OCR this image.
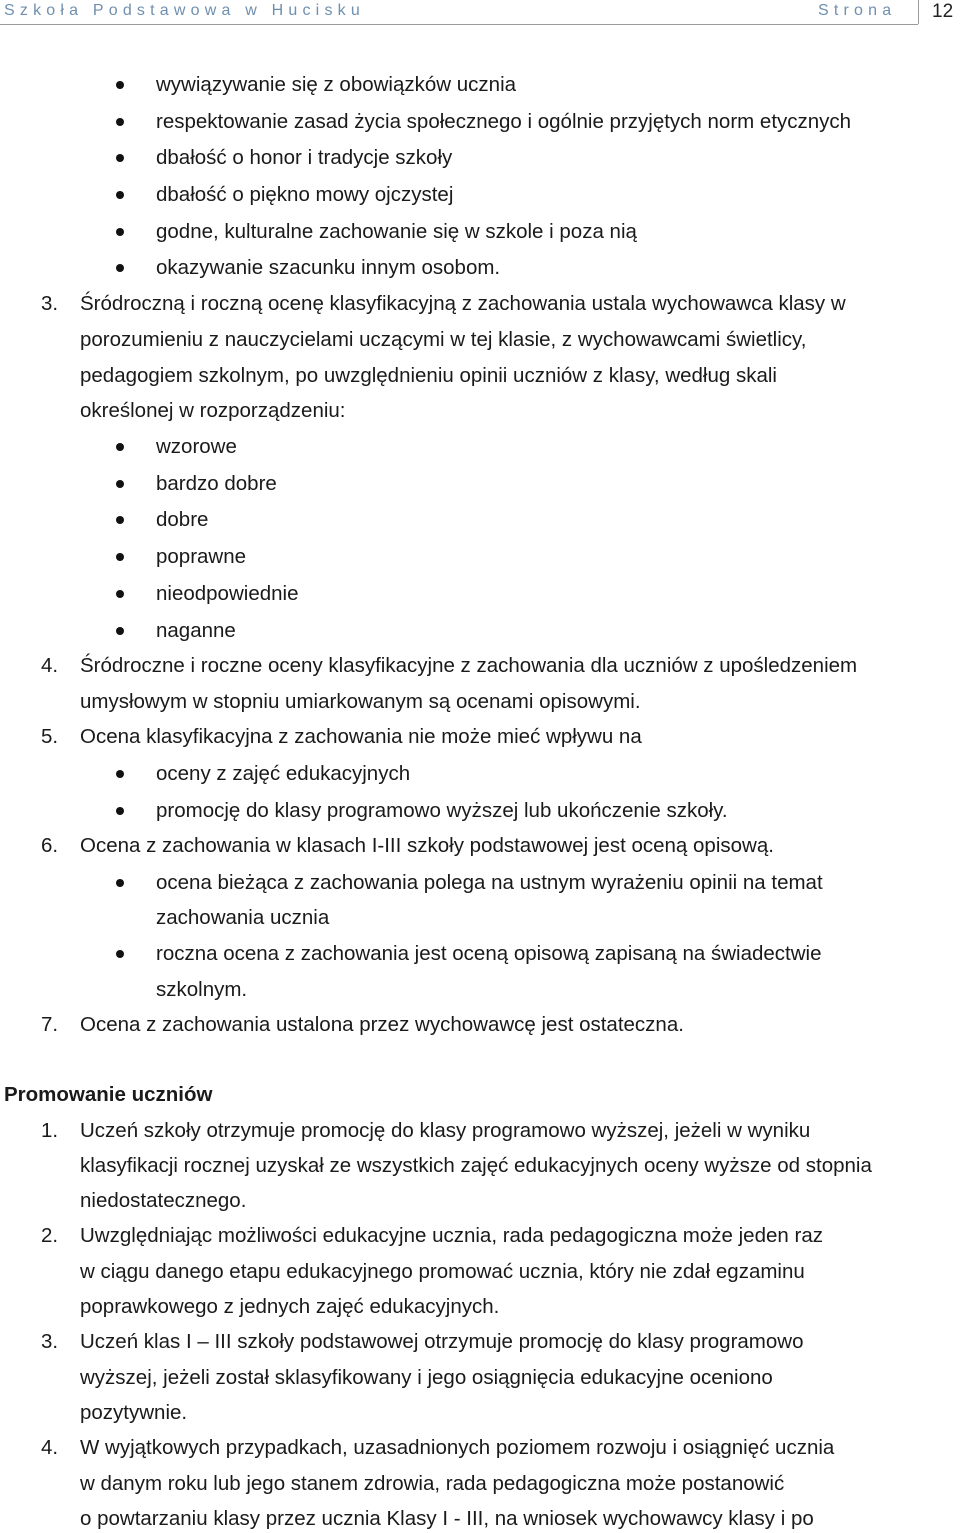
Szkoła Podstawowa w Hucisku	Strona 12
wywiązywanie się z obowiązków ucznia
respektowanie zasad życia społecznego i ogólnie przyjętych norm etycznych
dbałość o honor i tradycje szkoły
dbałość o piękno mowy ojczystej
godne, kulturalne zachowanie się w szkole i poza nią
okazywanie szacunku innym osobom.
3. Śródroczną i roczną ocenę klasyfikacyjną z zachowania ustala wychowawca klasy w
porozumieniu z nauczycielami uczącymi w tej klasie, z wychowawcami świetlicy,
pedagogiem szkolnym, po uwzględnieniu opinii uczniów z klasy, według skali
określonej w rozporządzeniu:
wzorowe
bardzo dobre
dobre
poprawne
nieodpowiednie
naganne
4. Śródroczne i roczne oceny klasyfikacyjne z zachowania dla uczniów z upośledzeniem
umysłowym w stopniu umiarkowanym są ocenami opisowymi.
5. Ocena klasyfikacyjna z zachowania nie może mieć wpływu na
oceny z zajęć edukacyjnych
promocję do klasy programowo wyższej lub ukończenie szkoły.
6. Ocena z zachowania w klasach I-III szkoły podstawowej jest oceną opisową.
ocena bieżąca z zachowania polega na ustnym wyrażeniu opinii na temat
zachowania ucznia
roczna ocena z zachowania jest oceną opisową zapisaną na świadectwie
szkolnym.
7. Ocena z zachowania ustalona przez wychowawcę jest ostateczna.
Promowanie uczniów
1. Uczeń szkoły otrzymuje promocję do klasy programowo wyższej, jeżeli w wyniku
klasyfikacji rocznej uzyskał ze wszystkich zajęć edukacyjnych oceny wyższe od stopnia
niedostatecznego.
2. Uwzględniając możliwości edukacyjne ucznia, rada pedagogiczna może jeden raz
w ciągu danego etapu edukacyjnego promować ucznia, który nie zdał egzaminu
poprawkowego z jednych zajęć edukacyjnych.
3. Uczeń klas I – III szkoły podstawowej otrzymuje promocję do klasy programowo
wyższej, jeżeli został sklasyfikowany i jego osiągnięcia edukacyjne oceniono
pozytywnie.
4. W wyjątkowych przypadkach, uzasadnionych poziomem rozwoju i osiągnięć ucznia
w danym roku lub jego stanem zdrowia, rada pedagogiczna może postanowić
o powtarzaniu klasy przez ucznia Klasy I - III, na wniosek wychowawcy klasy i po
